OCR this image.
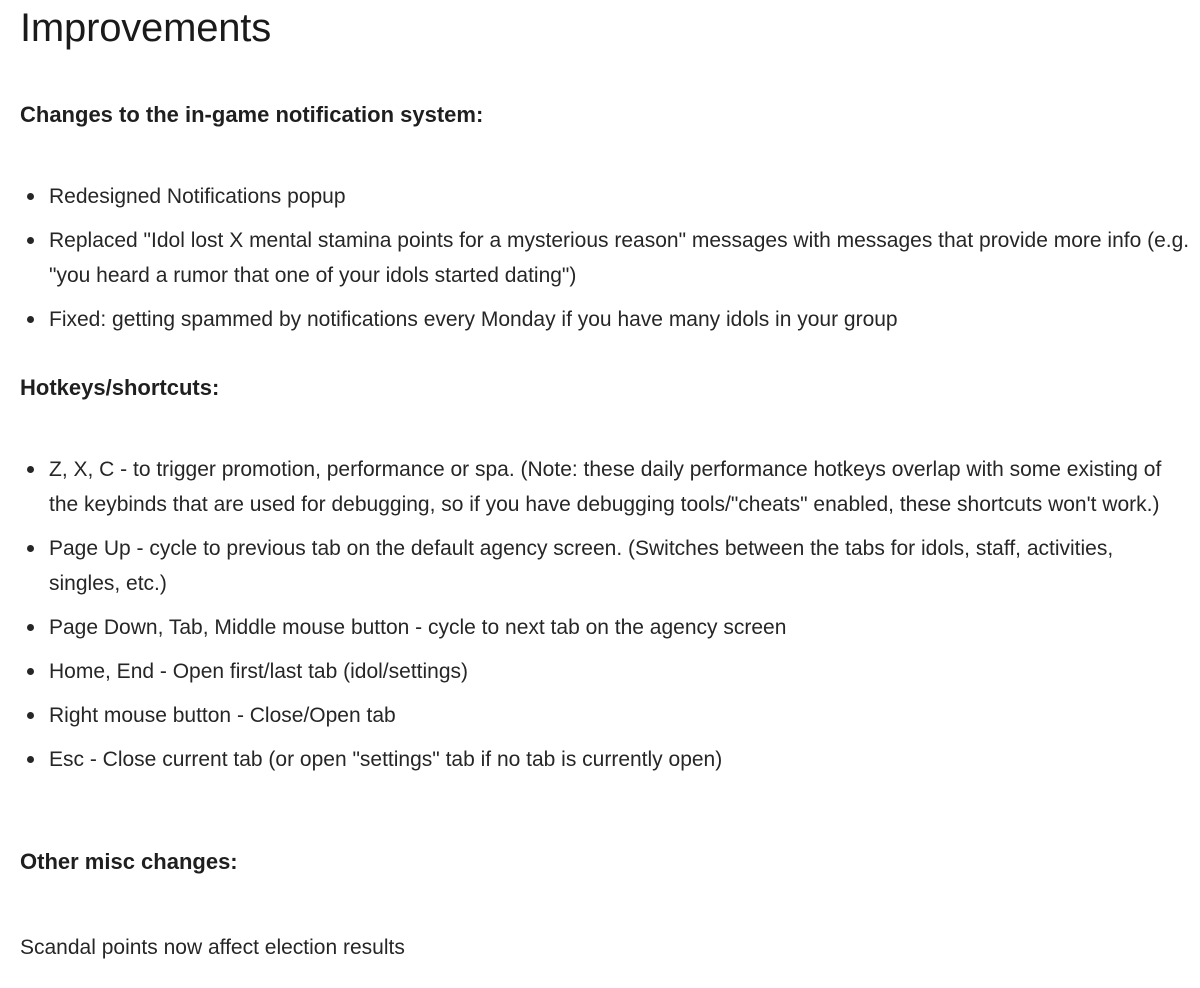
Improvements
Changes to the in-game notification system:
Redesigned Notifications popup
Replaced "Idol lost X mental stamina points for a mysterious reason" messages with messages that provide more info (e.g. "you heard a rumor that one of your idols started dating")
Fixed: getting spammed by notifications every Monday if you have many idols in your group
Hotkeys/shortcuts:
Z, X, C - to trigger promotion, performance or spa. (Note: these daily performance hotkeys overlap with some existing of the keybinds that are used for debugging, so if you have debugging tools/"cheats" enabled, these shortcuts won't work.)
Page Up - cycle to previous tab on the default agency screen. (Switches between the tabs for idols, staff, activities, singles, etc.)
Page Down, Tab, Middle mouse button - cycle to next tab on the agency screen
Home, End - Open first/last tab (idol/settings)
Right mouse button - Close/Open tab
Esc - Close current tab (or open "settings" tab if no tab is currently open)
Other misc changes:

Scandal points now affect election results
